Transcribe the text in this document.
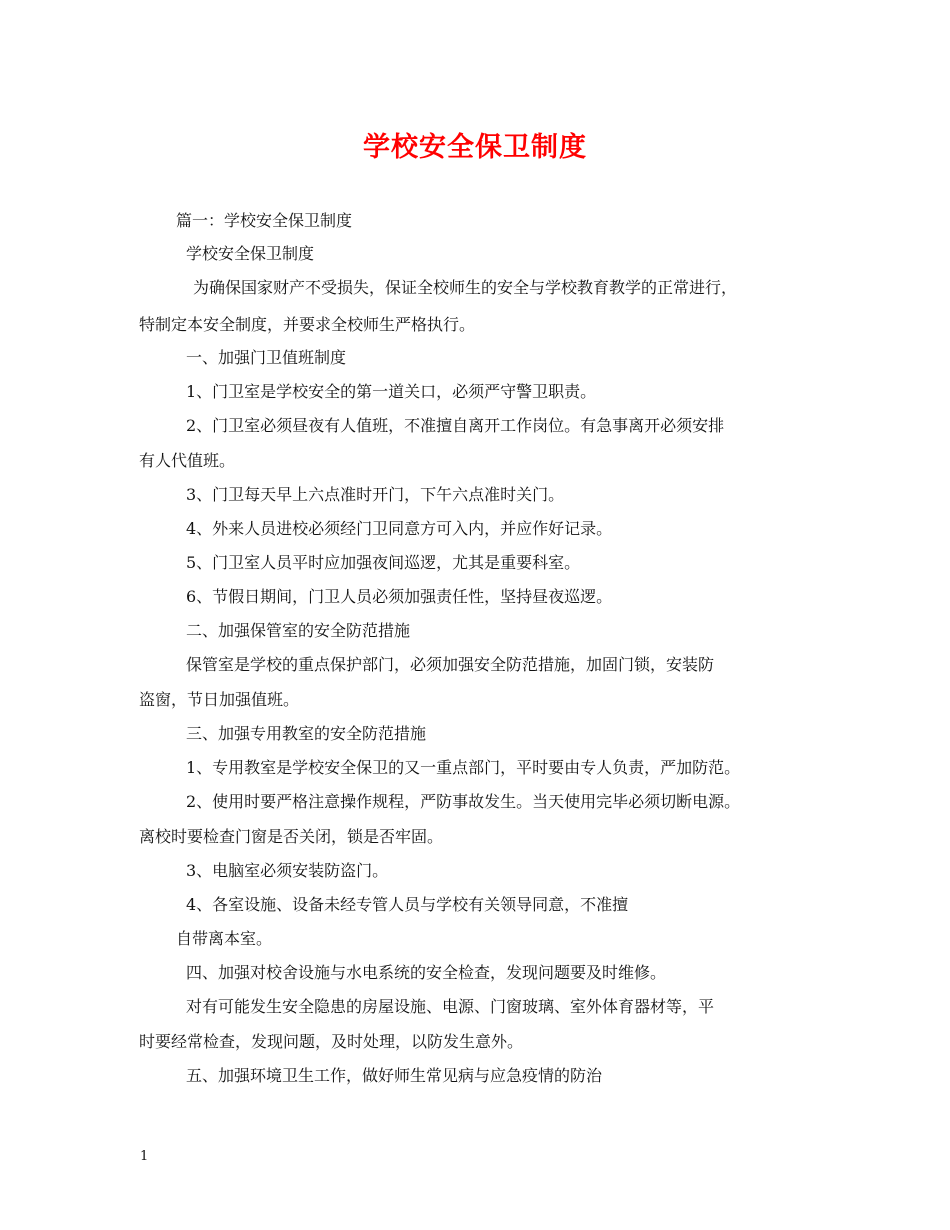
学校安全保卫制度
篇一：学校安全保卫制度
学校安全保卫制度
为确保国家财产不受损失，保证全校师生的安全与学校教育教学的正常进行，
特制定本安全制度，并要求全校师生严格执行。
一、加强门卫值班制度
1、门卫室是学校安全的第一道关口，必须严守警卫职责。
2、门卫室必须昼夜有人值班，不准擅自离开工作岗位。有急事离开必须安排
有人代值班。
3、门卫每天早上六点准时开门，下午六点准时关门。
4、外来人员进校必须经门卫同意方可入内，并应作好记录。
5、门卫室人员平时应加强夜间巡逻，尤其是重要科室。
6、节假日期间，门卫人员必须加强责任性，坚持昼夜巡逻。
二、加强保管室的安全防范措施
保管室是学校的重点保护部门，必须加强安全防范措施，加固门锁，安装防
盗窗，节日加强值班。
三、加强专用教室的安全防范措施
1、专用教室是学校安全保卫的又一重点部门，平时要由专人负责，严加防范。
2、使用时要严格注意操作规程，严防事故发生。当天使用完毕必须切断电源。
离校时要检查门窗是否关闭，锁是否牢固。
3、电脑室必须安装防盗门。
4、各室设施、设备未经专管人员与学校有关领导同意，不准擅
自带离本室。
四、加强对校舍设施与水电系统的安全检查，发现问题要及时维修。
对有可能发生安全隐患的房屋设施、电源、门窗玻璃、室外体育器材等，平
时要经常检查，发现问题，及时处理，以防发生意外。
五、加强环境卫生工作，做好师生常见病与应急疫情的防治
1
